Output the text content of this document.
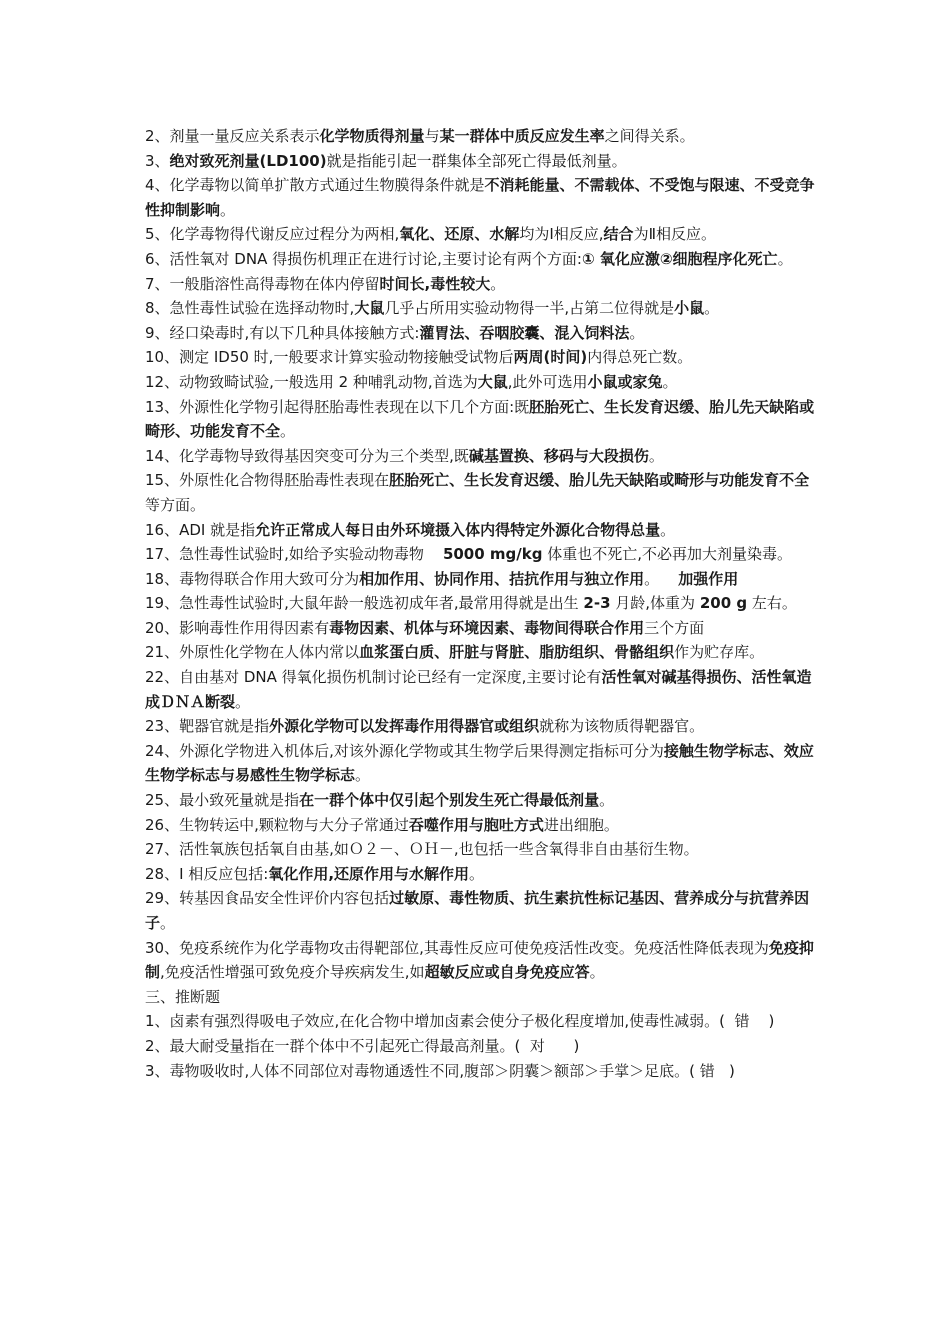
2、剂量一量反应关系表示化学物质得剂量与某一群体中质反应发生率之间得关系。

3、绝对致死剂量(LD100)就是指能引起一群集体全部死亡得最低剂量。

4、化学毒物以简单扩散方式通过生物膜得条件就是不消耗能量、不需载体、不受饱与限速、不受竞争性抑制影响。

5、化学毒物得代谢反应过程分为两相,氧化、还原、水解均为Ⅰ相反应,结合为Ⅱ相反应。

6、活性氧对 DNA 得损伤机理正在进行讨论,主要讨论有两个方面:① 氧化应激②细胞程序化死亡。

7、一般脂溶性高得毒物在体内停留时间长,毒性较大。

8、急性毒性试验在选择动物时,大鼠几乎占所用实验动物得一半,占第二位得就是小鼠。

9、经口染毒时,有以下几种具体接触方式:灌胃法、吞咽胶囊、混入饲料法。

10、测定 ID50 时,一般要求计算实验动物接触受试物后两周(时间)内得总死亡数。

12、动物致畸试验,一般选用 2 种哺乳动物,首选为大鼠,此外可选用小鼠或家兔。

13、外源性化学物引起得胚胎毒性表现在以下几个方面:既胚胎死亡、生长发育迟缓、胎儿先天缺陷或畸形、功能发育不全。

14、化学毒物导致得基因突变可分为三个类型,既碱基置换、移码与大段损伤。

15、外原性化合物得胚胎毒性表现在胚胎死亡、生长发育迟缓、胎儿先天缺陷或畸形与功能发育不全等方面。

16、ADI 就是指允许正常成人每日由外环境摄入体内得特定外源化合物得总量。

17、急性毒性试验时,如给予实验动物毒物    5000 mg/kg 体重也不死亡,不必再加大剂量染毒。

18、毒物得联合作用大致可分为相加作用、协同作用、拮抗作用与独立作用。    加强作用

19、急性毒性试验时,大鼠年龄一般选初成年者,最常用得就是出生 2-3 月龄,体重为 200 g 左右。

20、影响毒性作用得因素有毒物因素、机体与环境因素、毒物间得联合作用三个方面

21、外原性化学物在人体内常以血浆蛋白质、肝脏与肾脏、脂肪组织、骨骼组织作为贮存库。

22、自由基对 DNA 得氧化损伤机制讨论已经有一定深度,主要讨论有活性氧对碱基得损伤、活性氧造成ＤＮＡ断裂。

23、靶器官就是指外源化学物可以发挥毒作用得器官或组织就称为该物质得靶器官。

24、外源化学物进入机体后,对该外源化学物或其生物学后果得测定指标可分为接触生物学标志、效应生物学标志与易感性生物学标志。

25、最小致死量就是指在一群个体中仅引起个别发生死亡得最低剂量。

26、生物转运中,颗粒物与大分子常通过吞噬作用与胞吐方式进出细胞。

27、活性氧族包括氧自由基,如Ｏ２－、ＯＨ－,也包括一些含氧得非自由基衍生物。

28、I 相反应包括:氧化作用,还原作用与水解作用。

29、转基因食品安全性评价内容包括过敏原、毒性物质、抗生素抗性标记基因、营养成分与抗营养因子。

30、免疫系统作为化学毒物攻击得靶部位,其毒性反应可使免疫活性改变。免疫活性降低表现为免疫抑制,免疫活性增强可致免疫介导疾病发生,如超敏反应或自身免疫应答。

三、推断题

1、卤素有强烈得吸电子效应,在化合物中增加卤素会使分子极化程度增加,使毒性减弱。(  错    )

2、最大耐受量指在一群个体中不引起死亡得最高剂量。(  对      )

3、毒物吸收时,人体不同部位对毒物通透性不同,腹部＞阴囊＞额部＞手掌＞足底。( 错   )
